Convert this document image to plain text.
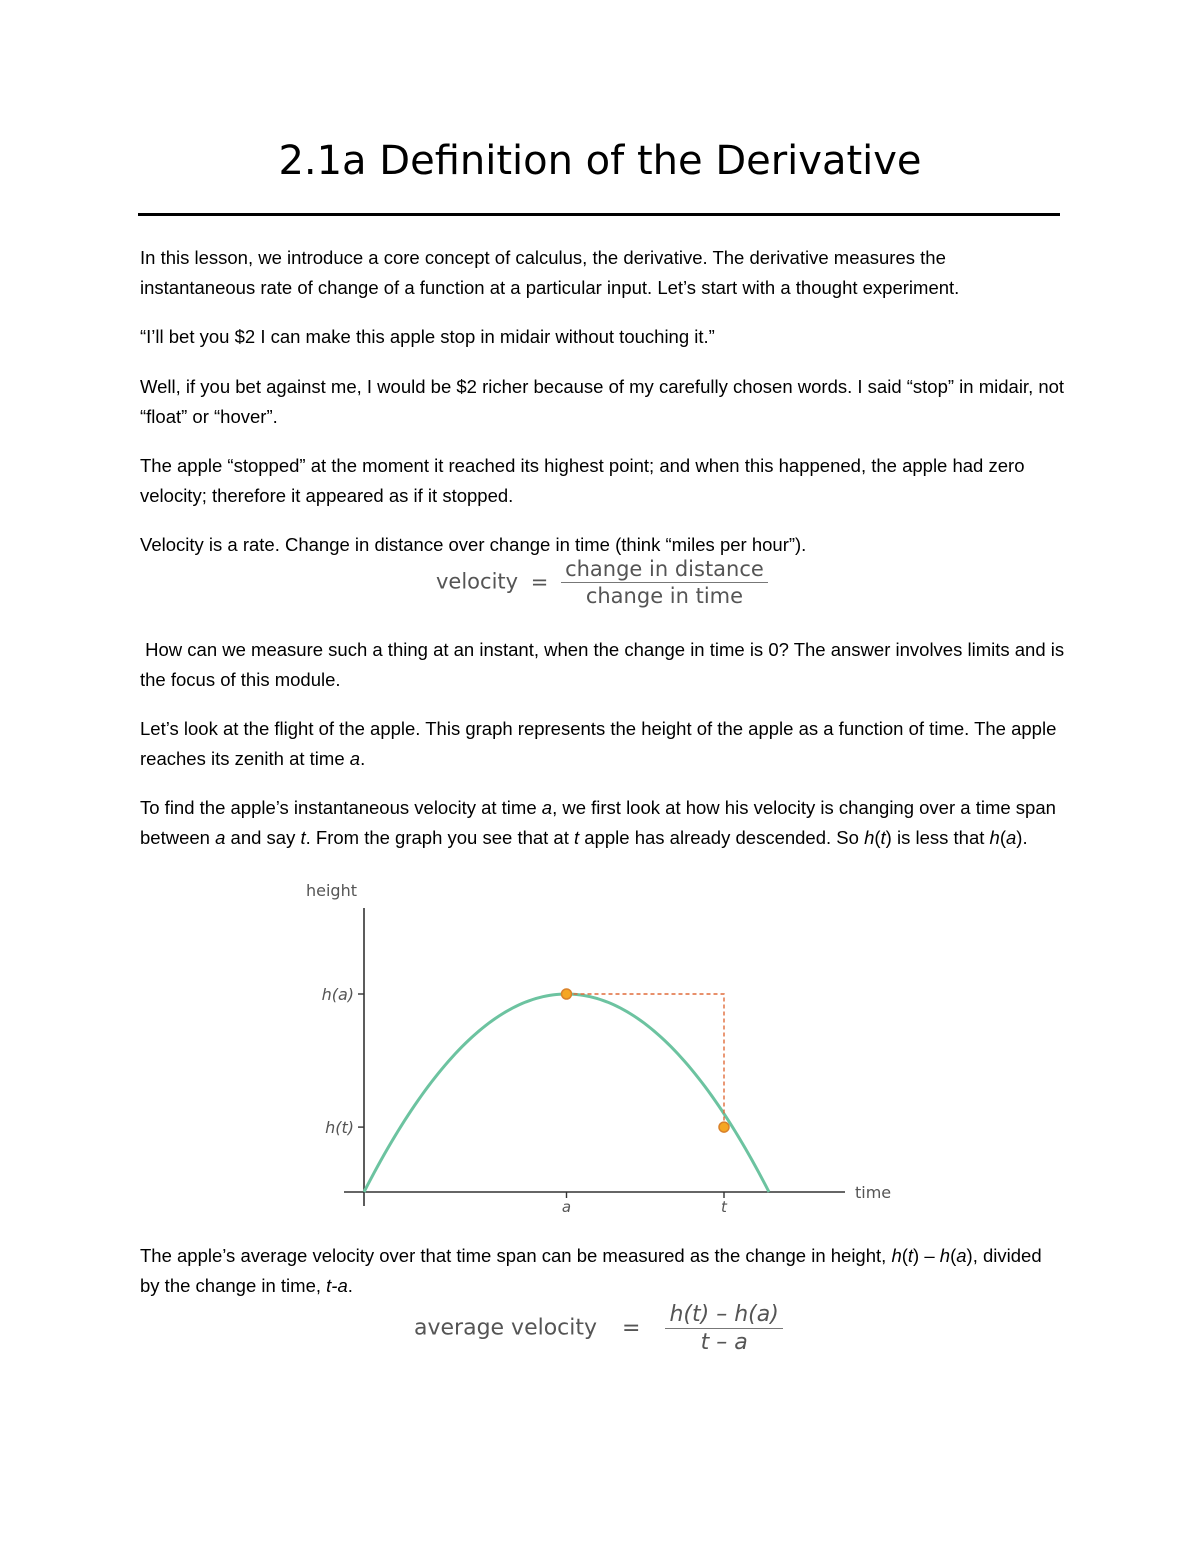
2.1a Definition of the Derivative

In this lesson, we introduce a core concept of calculus, the derivative. The derivative measures the instantaneous rate of change of a function at a particular input. Let’s start with a thought experiment.

“I’ll bet you $2 I can make this apple stop in midair without touching it.”

Well, if you bet against me, I would be $2 richer because of my carefully chosen words. I said “stop” in midair, not “float” or “hover”.

The apple “stopped” at the moment it reached its highest point; and when this happened, the apple had zero velocity; therefore it appeared as if it stopped.

Velocity is a rate. Change in distance over change in time (think “miles per hour”).

velocity = $\frac{\text{change in distance}}{\text{change in time}}$

How can we measure such a thing at an instant, when the change in time is 0? The answer involves limits and is the focus of this module.

Let’s look at the flight of the apple. This graph represents the height of the apple as a function of time. The apple reaches its zenith at time a.

To find the apple’s instantaneous velocity at time a, we first look at how his velocity is changing over a time span between a and say t. From the graph you see that at t apple has already descended. So h(t) is less that h(a).

height
time
h(a)
h(t)
a	t

The apple’s average velocity over that time span can be measured as the change in height, h(t) – h(a), divided by the change in time, t-a.

average velocity = $\frac{h(t) - h(a)}{t - a}$
